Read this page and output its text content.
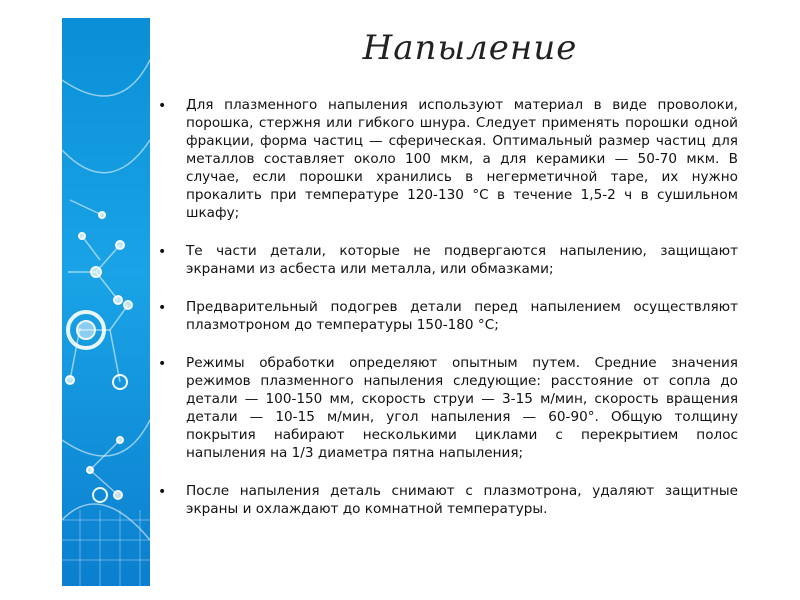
Напыление
• Для плазменного напыления используют материал в виде проволоки, порошка, стержня или гибкого шнура. Следует применять порошки одной фракции, форма частиц — сферическая. Оптимальный размер частиц для металлов составляет около 100 мкм, а для керамики — 50-70 мкм. В случае, если порошки хранились в негерметичной таре, их нужно прокалить при температуре 120-130 °С в течение 1,5-2 ч в сушильном шкафу;
• Те части детали, которые не подвергаются напылению, защищают экранами из асбеста или металла, или обмазками;
• Предварительный подогрев детали перед напылением осуществляют плазмотроном до температуры 150-180 °С;
• Режимы обработки определяют опытным путем. Средние значения режимов плазменного напыления следующие: расстояние от сопла до детали — 100-150 мм, скорость струи — 3-15 м/мин, скорость вращения детали — 10-15 м/мин, угол напыления — 60-90°. Общую толщину покрытия набирают несколькими циклами с перекрытием полос напыления на 1/3 диаметра пятна напыления;
• После напыления деталь снимают с плазмотрона, удаляют защитные экраны и охлаждают до комнатной температуры.
